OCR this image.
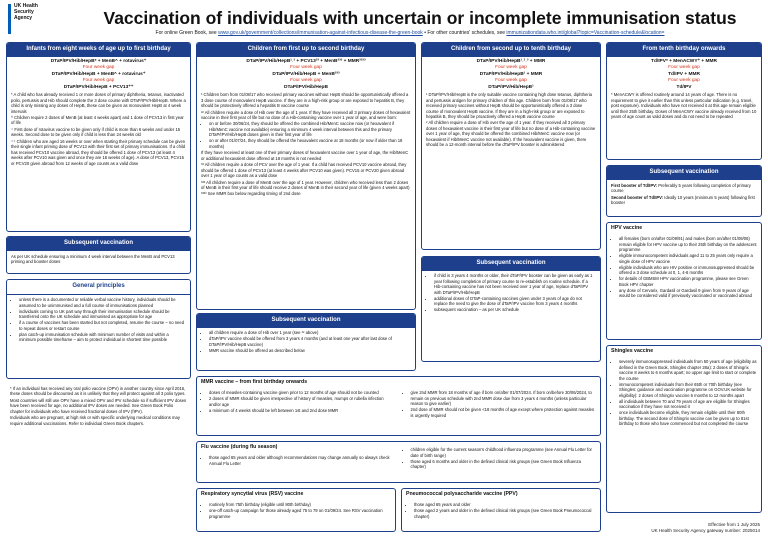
UK Health
Security
Agency	Vaccination of individuals with uncertain or incomplete immunisation status
For online Green Book, see www.gov.uk/government/collections/immunisation-against-infectious-disease-the-green-book • For other countries' schedules, see immunizationdata.who.int/global?topic=Vaccination-schedule&location=
Infants from eight weeks of age up to first birthday
DTaP/IPV/Hib/HepB* + MenB^ + rotavirus⁺
Four week gap
DTaP/IPV/Hib/HepB + MenB^ + rotavirus⁺
Four week gap
DTaP/IPV/Hib/HepB + PCV13⁺⁺

* A child who has already received 1 or more doses of primary diphtheria, tetanus, inactivated polio, pertussis and Hib should complete the 3 dose course with DTaP/IPV/Hib/HepB. Where a child is only missing any doses of HepB, these can be given as monovalent HepB at 4 week intervals

^ Children require 2 doses of MenB (at least 4 weeks apart) and 1 dose of PCV13 in first year of life

⁺ First dose of rotavirus vaccine to be given only if child is more than 6 weeks and under 15 weeks. Second dose to be given only if child is less than 24 weeks old

⁺⁺ Children who are aged 16 weeks or over when starting their primary schedule can be given their single infant priming dose of PCV13 with their first set of primary immunisations. If a child has received PCV10 vaccine abroad, they should be offered 1 dose of PCV13 (at least 4 weeks after PCV10 was given and once they are 16 weeks of age). A dose of PCV13, PCV15 or PCV20 given abroad from 12 weeks of age counts as a valid dose

Subsequent vaccination

As per UK schedule ensuring a minimum 4 week interval between the MenB and PCV13 priming and booster doses

General principles
• unless there is a documented or reliable verbal vaccine history, individuals should be assumed to be unimmunised and a full course of immunisations planned
• individuals coming to UK part way through their immunisation schedule should be transferred onto the UK schedule and immunised as appropriate for age
• if a course of vaccines has been started but not completed, resume the course – no need to repeat doses or restart course
• plan catch-up immunisation schedule with minimum number of visits and within a minimum possible timeframe – aim to protect individual in shortest time possible

* If an individual has received any oral polio vaccine (OPV) in another country since April 2016, these doses should be discounted as it is unlikely that they will protect against all 3 polio types.

Most countries will still use OPV have a mixed OPV and IPV schedule so if sufficient IPV doses have been received for age, no additional IPV doses are needed. See Green Book Polio chapter for individuals who have received fractional doses of IPV (fIPV).

Individuals who are pregnant, at high risk or with specific underlying medical conditions may require additional vaccinations. Refer to individual Green Book chapters.

Children from first up to second birthday
DTaP/IPV/Hib/HepB¹˒² + PCV13³³ + MenB³³³ + MMR³³³³
Four week gap
DTaP/IPV/Hib/HepB + MenB³³³
Four week gap
DTaP/IPV/Hib/HepB

¹ Children born from 01/08/17 who received primary vaccines without HepB should be opportunistically offered a 3 dose course of monovalent HepB vaccine. If they are in a high-risk group or are exposed to hepatitis B, they should be protectively offered a hepatitis B vaccine course

²² All children require a dose of Hib over the age of 1 year. If they have received all 3 primary doses of hexavalent vaccine in their first year of life but no dose of a Hib-containing vaccine over 1 year of age, and were born:

• on or before 30/06/24, they should be offered the combined Hib/MenC vaccine now (or hexavalent if Hib/MenC vaccine not available) ensuring a minimum 4 week interval between this and the primary DTaP/IPV/Hib/HepB doses given in their first year of life
• on or after 01/07/24, they should be offered the hexavalent vaccine at 18 months (or now if older than 18 months)

If they have received at least one of their primary doses of hexavalent vaccine over 1 year of age, the Hib/MenC or additional hexavalent dose offered at 18 months is not needed

³³ All children require a dose of PCV over the age of 1 year. If a child has received PCV10 vaccine abroad, they should be offered 1 dose of PCV13 (at least 4 weeks after PCV10 was given). PCV15 or PCV20 given abroad over 1 year of age counts as a valid dose

³³³ All children require a dose of MenB over the age of 1 year. However, children who received less than 2 doses of MenB in their first year of life should receive 2 doses of MenB in their second year of life (given 4 weeks apart)

³³³³ See MMR box below regarding timing of 2nd dose

Subsequent vaccination
• all children require a dose of Hib over 1 year (see ²² above)
• dTaP/IPV vaccine should be offered from 3 years 4 months (and at least one year after last dose of DTaP/IPV/Hib/HepB vaccine)
• MMR vaccine should be offered as described below
Children from second up to tenth birthday
DTaP/IPV/Hib/HepB¹˒²˒³ + MMR
Four week gap
DTaP/IPV/Hib/HepB¹ + MMR
Four week gap
DTaP/IPV/Hib/HepB¹

¹ DTaP/IPV/Hib/HepB is the only suitable vaccine containing high dose tetanus, diphtheria and pertussis antigen for primary children of this age. Children born from 01/08/17 who received primary vaccines without HepB should be opportunistically offered a 3 dose course of monovalent HepB vaccine. If they are in a high-risk group or are exposed to hepatitis B, they should be proactively offered a HepB vaccine course

² All children require a dose of Hib over the age of 1 year. If they received all 3 primary doses of hexavalent vaccine in their first year of life but no dose of a Hib-containing vaccine over 1 year of age, they should be offered the combined Hib/MenC vaccine now (or hexavalent if Hib/MenC vaccine not available). If the hexavalent vaccine is given, there should be a 12-month interval before the dTaP/IPV booster is administered

Subsequent vaccination
• if child is 3 years 4 months or older, their dTaP/IPV booster can be given as early as 1 year following completion of primary course to re-establish on routine schedule. If a Hib-containing vaccine has not been received over 1 year of age, replace dTaP/IPV with DTaP/IPV/Hib/HepB
• additional doses of DTaP-containing vaccines given under 3 years of age do not replace the need to give the dose of dTaP/IPV vaccine from 3 years 4 months
• subsequent vaccination – as per UK schedule
MMR vaccine – from first birthday onwards
• doses of measles-containing vaccine given prior to 12 months of age should not be counted
• 2 doses of MMR should be given irrespective of history of measles, mumps or rubella infection and/or age
• a minimum of 4 weeks should be left between 1st and 2nd dose MMR
• give 2nd MMR from 18 months of age if born on/after 01/07/2024. If born on/before 30/06/2024, to remain on previous schedule with 2nd MMR dose due from 3 years 4 months (unless particular reason to give earlier)
• 2nd dose of MMR should not be given <18 months of age except where protection against measles is urgently required
Flu vaccine (during flu season)
• those aged 65 years and older although recommendations may change annually so always check Annual Flu Letter
• children eligible for the current season's childhood influenza programme (see Annual Flu Letter for date of birth range)
• those aged 6 months and older in the defined clinical risk groups (see Green Book Influenza chapter)
Respiratory syncytial virus (RSV) vaccine
• routinely from 75th birthday (eligible until 80th birthday)
• one-off catch-up campaign for those already aged 75 to 79 on 01/09/24. See RSV vaccination programme
Pneumococcal polysaccharide vaccine (PPV)
• those aged 65 years and older
• those aged 2 years and older in the defined clinical risk groups (see Green Book Pneumococcal chapter)
From tenth birthday onwards
Td/IPV* + MenACWY⁺ + MMR
Four week gap
Td/IPV + MMR
Four week gap
Td/IPV

* MenACWY is offered routinely around 14 years of age. There is no requirement to give it earlier than this unless particular indication (e.g. travel, post exposure). Individuals who have not received it at this age remain eligible until their 25th birthday. Doses of MenACWY vaccine already received from 10 years of age count as valid doses and do not need to be repeated

Subsequent vaccination

First booster of Td/IPV: Preferably 5 years following completion of primary course

Second booster of Td/IPV: Ideally 10 years (minimum 5 years) following first booster

HPV vaccine
• all females (born on/after 01/09/91) and males (born on/after 01/09/06) remain eligible for HPV vaccine up to their 25th birthday on the adolescent programme
• eligible immunocompetent individuals aged 11 to 25 years only require a single dose of HPV vaccine
• eligible individuals who are HIV positive or immunosuppressed should be offered a 3 dose schedule at 0, 1, 4-6 months
• for details of GBMSM HPV vaccination programme, please see Green Book HPV chapter
• any dose of Cervarix, Gardasil or Gardasil 9 given from 9 years of age would be considered valid if previously vaccinated or vaccinated abroad
Shingles vaccine
• severely immunosuppressed individuals from 50 years of age (eligibility as defined in the Green Book, Shingles chapter 28a): 2 doses of Shingrix vaccine 8 weeks to 6 months apart; no upper age limit to start or complete the course
• immunocompetent individuals from their 65th or 70th birthday (see Shingles: guidance and vaccination programme on GOV.UK website for eligibility): 2 doses of Shingrix vaccine 6 months to 12 months apart
• all individuals between 70 and 79 years of age are eligible for Shingles vaccination if they have not received it
• once individuals become eligible, they remain eligible until their 80th birthday. The second dose of Shingrix vaccine can be given up to 81st birthday to those who have commenced but not completed the course
Effective from 1 July 2025
UK Health Security Agency gateway number: 2025014
